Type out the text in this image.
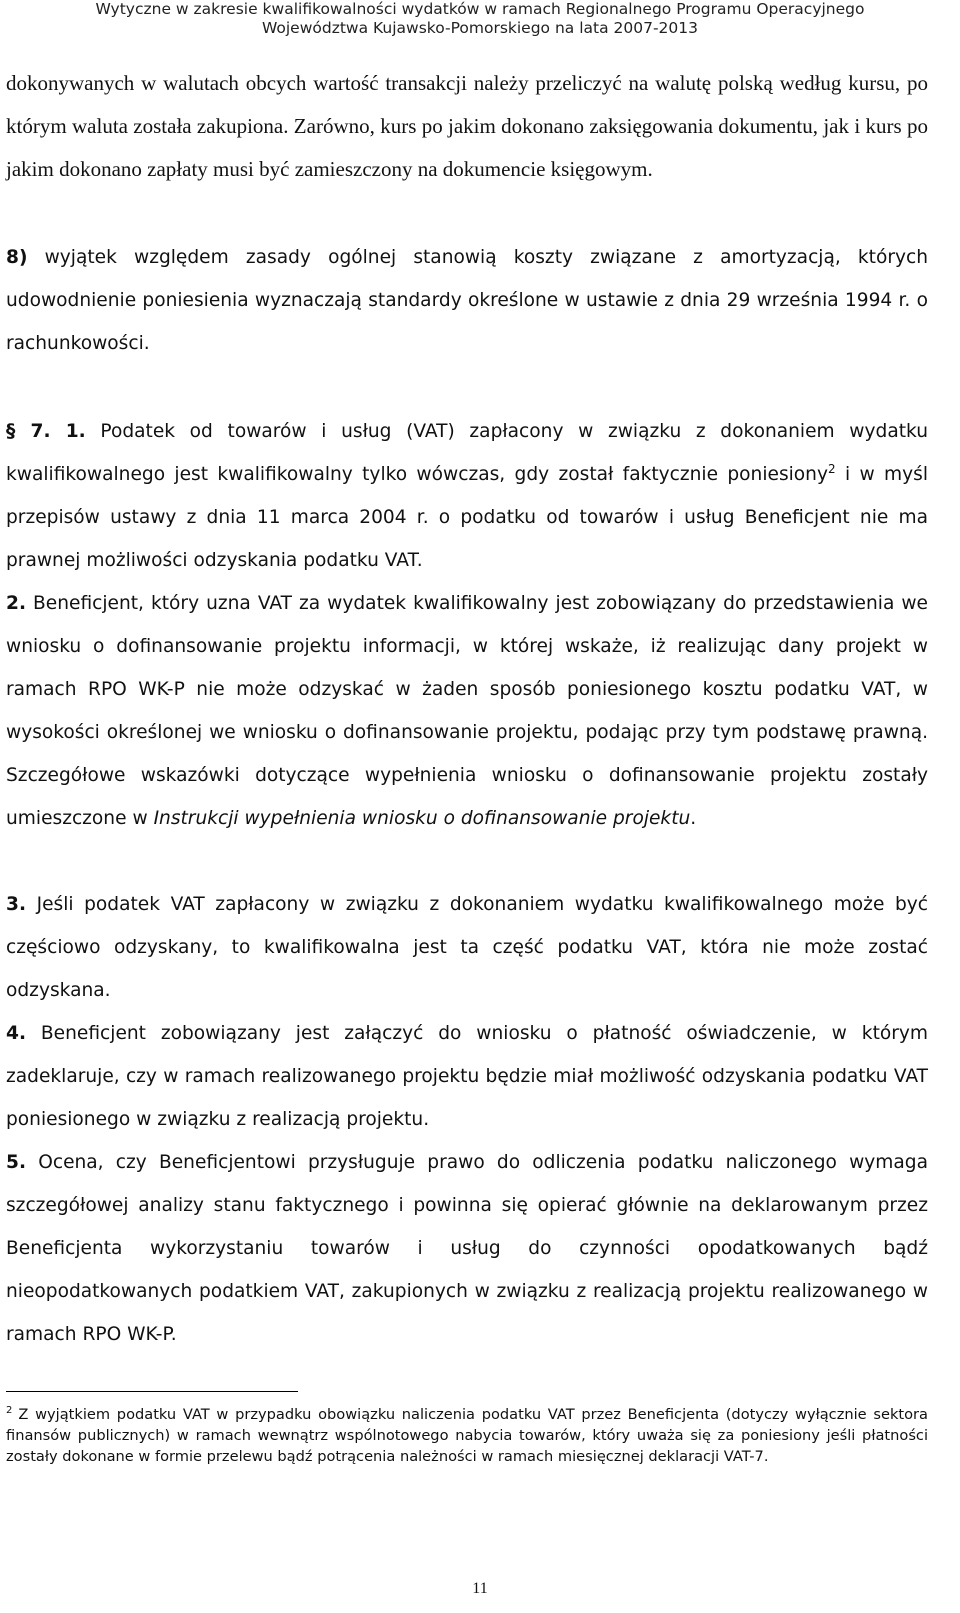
Wytyczne w zakresie kwalifikowalności wydatków w ramach Regionalnego Programu Operacyjnego
Województwa Kujawsko-Pomorskiego na lata 2007-2013

dokonywanych w walutach obcych wartość transakcji należy przeliczyć na walutę polską według kursu, po którym waluta została zakupiona. Zarówno, kurs po jakim dokonano zaksięgowania dokumentu, jak i kurs po jakim dokonano zapłaty musi być zamieszczony na dokumencie księgowym.

8) wyjątek względem zasady ogólnej stanowią koszty związane z amortyzacją, których udowodnienie poniesienia wyznaczają standardy określone w ustawie z dnia 29 września 1994 r. o rachunkowości.

§ 7. 1. Podatek od towarów i usług (VAT) zapłacony w związku z dokonaniem wydatku kwalifikowalnego jest kwalifikowalny tylko wówczas, gdy został faktycznie poniesiony$^2$ i w myśl przepisów ustawy z dnia 11 marca 2004 r. o podatku od towarów i usług Beneficjent nie ma prawnej możliwości odzyskania podatku VAT.

2. Beneficjent, który uzna VAT za wydatek kwalifikowalny jest zobowiązany do przedstawienia we wniosku o dofinansowanie projektu informacji, w której wskaże, iż realizując dany projekt w ramach RPO WK-P nie może odzyskać w żaden sposób poniesionego kosztu podatku VAT, w wysokości określonej we wniosku o dofinansowanie projektu, podając przy tym podstawę prawną. Szczegółowe wskazówki dotyczące wypełnienia wniosku o dofinansowanie projektu zostały umieszczone w Instrukcji wypełnienia wniosku o dofinansowanie projektu.

3. Jeśli podatek VAT zapłacony w związku z dokonaniem wydatku kwalifikowalnego może być częściowo odzyskany, to kwalifikowalna jest ta część podatku VAT, która nie może zostać odzyskana.

4. Beneficjent zobowiązany jest załączyć do wniosku o płatność oświadczenie, w którym zadeklaruje, czy w ramach realizowanego projektu będzie miał możliwość odzyskania podatku VAT poniesionego w związku z realizacją projektu.

5. Ocena, czy Beneficjentowi przysługuje prawo do odliczenia podatku naliczonego wymaga szczegółowej analizy stanu faktycznego i powinna się opierać głównie na deklarowanym przez Beneficjenta wykorzystaniu towarów i usług do czynności opodatkowanych bądź nieopodatkowanych podatkiem VAT, zakupionych w związku z realizacją projektu realizowanego w ramach RPO WK-P.

$^2$ Z wyjątkiem podatku VAT w przypadku obowiązku naliczenia podatku VAT przez Beneficjenta (dotyczy wyłącznie sektora finansów publicznych) w ramach wewnątrz wspólnotowego nabycia towarów, który uważa się za poniesiony jeśli płatności zostały dokonane w formie przelewu bądź potrącenia należności w ramach miesięcznej deklaracji VAT-7.

11
